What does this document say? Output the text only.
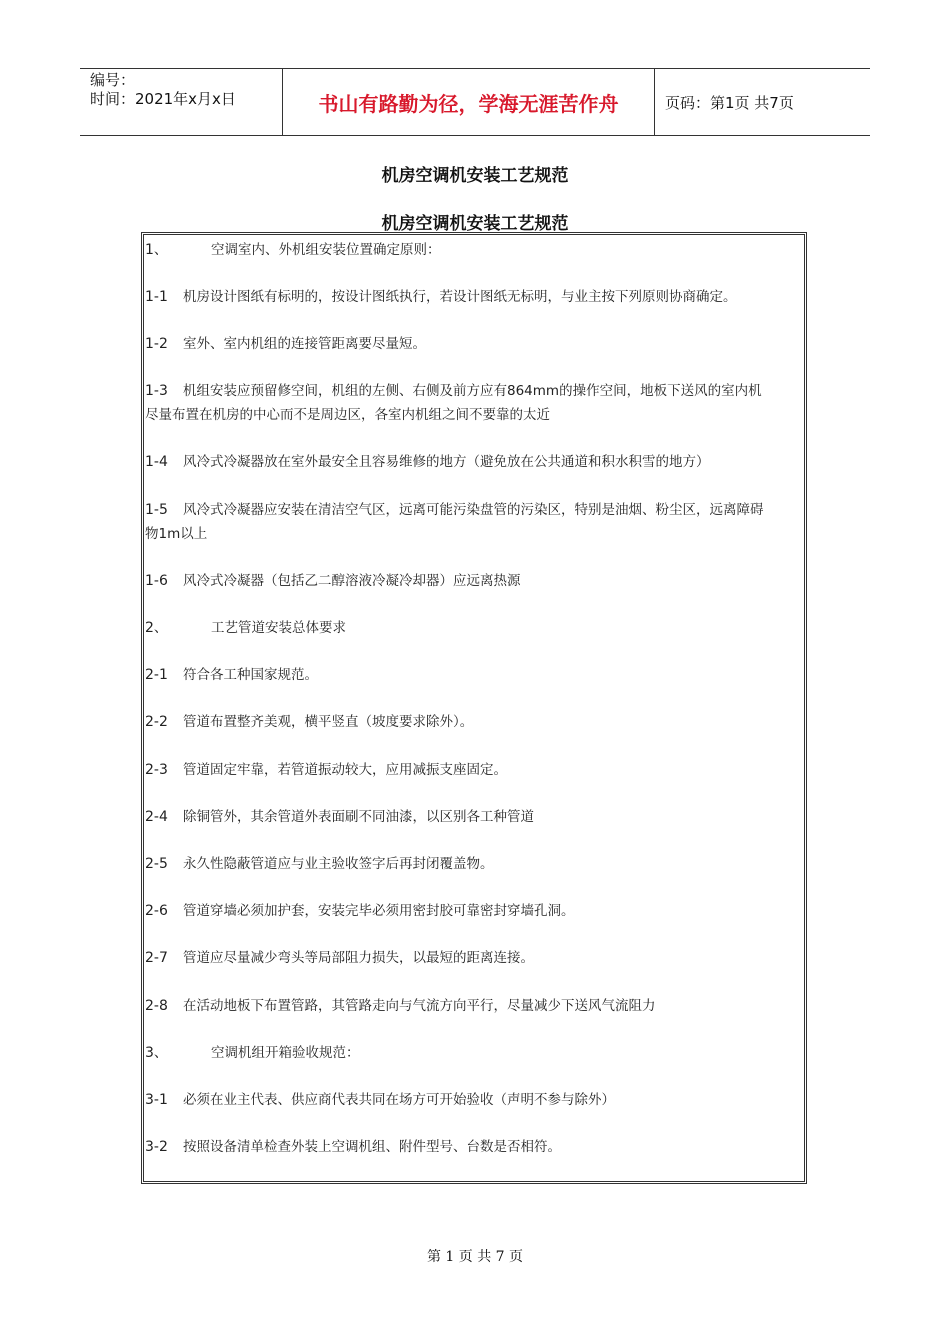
编号：
时间：2021年x月x日	书山有路勤为径，学海无涯苦作舟	页码：第1页 共7页
机房空调机安装工艺规范
机房空调机安装工艺规范
1、	空调室内、外机组安装位置确定原则：
1-1 机房设计图纸有标明的，按设计图纸执行，若设计图纸无标明，与业主按下列原则协商确定。
1-2 室外、室内机组的连接管距离要尽量短。
1-3 机组安装应预留修空间，机组的左侧、右侧及前方应有864mm的操作空间，地板下送风的室内机
尽量布置在机房的中心而不是周边区，各室内机组之间不要靠的太近
1-4 风冷式冷凝器放在室外最安全且容易维修的地方（避免放在公共通道和积水积雪的地方）
1-5 风冷式冷凝器应安装在清洁空气区，远离可能污染盘管的污染区，特别是油烟、粉尘区，远离障碍
物1m以上
1-6 风冷式冷凝器（包括乙二醇溶液冷凝冷却器）应远离热源
2、	工艺管道安装总体要求
2-1 符合各工种国家规范。
2-2 管道布置整齐美观，横平竖直（坡度要求除外）。
2-3 管道固定牢靠，若管道振动较大，应用减振支座固定。
2-4 除铜管外，其余管道外表面刷不同油漆，以区别各工种管道
2-5 永久性隐蔽管道应与业主验收签字后再封闭覆盖物。
2-6 管道穿墙必须加护套，安装完毕必须用密封胶可靠密封穿墙孔洞。
2-7 管道应尽量减少弯头等局部阻力损失，以最短的距离连接。
2-8 在活动地板下布置管路，其管路走向与气流方向平行，尽量减少下送风气流阻力
3、	空调机组开箱验收规范：
3-1 必须在业主代表、供应商代表共同在场方可开始验收（声明不参与除外）
3-2 按照设备清单检查外装上空调机组、附件型号、台数是否相符。
第 1 页 共 7 页
